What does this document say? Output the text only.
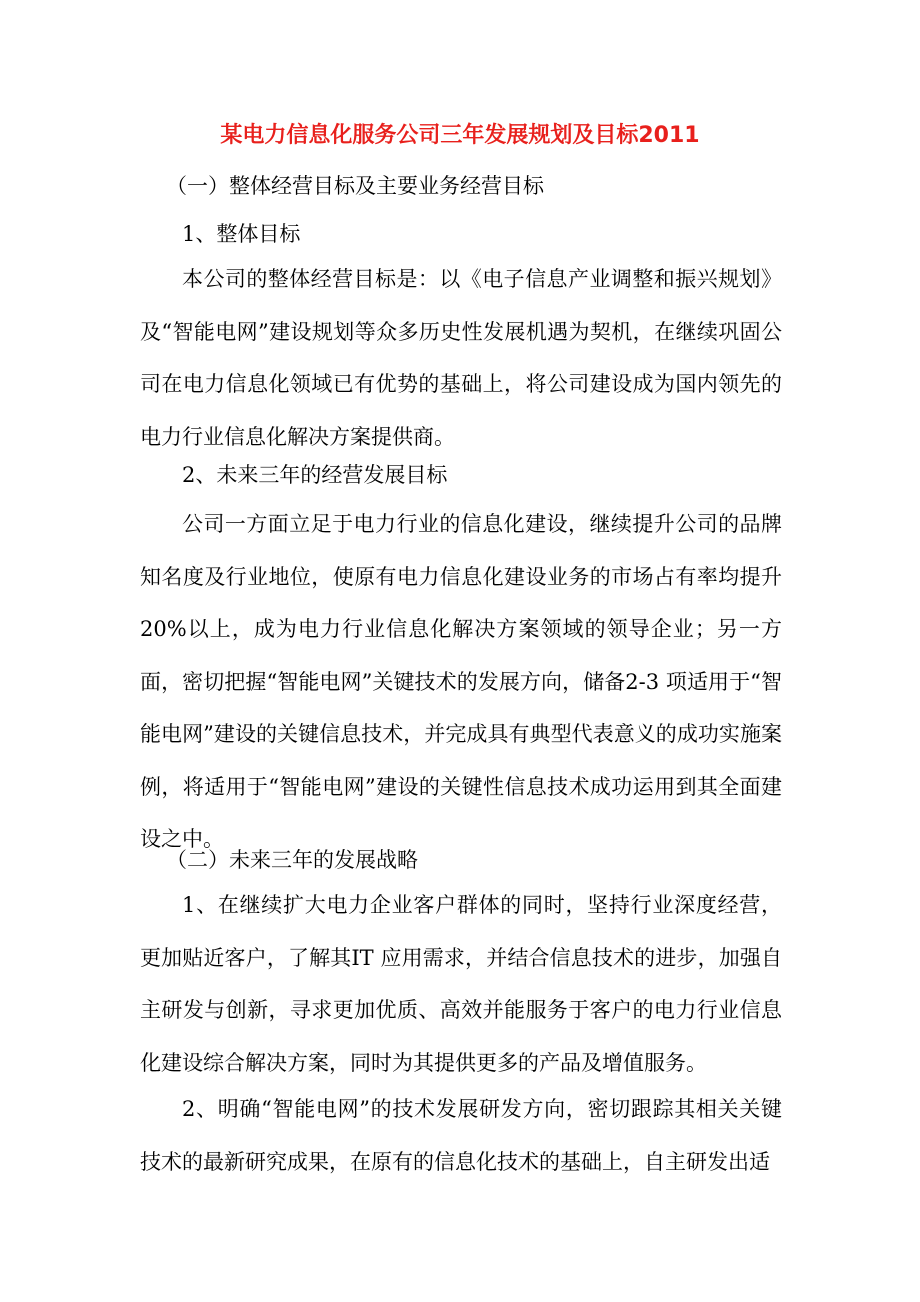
某电力信息化服务公司三年发展规划及目标2011
（一）整体经营目标及主要业务经营目标
1、整体目标

本公司的整体经营目标是：以《电子信息产业调整和振兴规划》及“智能电网”建设规划等众多历史性发展机遇为契机，在继续巩固公司在电力信息化领域已有优势的基础上，将公司建设成为国内领先的电力行业信息化解决方案提供商。

2、未来三年的经营发展目标

公司一方面立足于电力行业的信息化建设，继续提升公司的品牌知名度及行业地位，使原有电力信息化建设业务的市场占有率均提升20%以上，成为电力行业信息化解决方案领域的领导企业；另一方面，密切把握“智能电网”关键技术的发展方向，储备2-3 项适用于“智能电网”建设的关键信息技术，并完成具有典型代表意义的成功实施案例，将适用于“智能电网”建设的关键性信息技术成功运用到其全面建设之中。

（二）未来三年的发展战略

1、在继续扩大电力企业客户群体的同时，坚持行业深度经营，更加贴近客户，了解其IT 应用需求，并结合信息技术的进步，加强自主研发与创新，寻求更加优质、高效并能服务于客户的电力行业信息化建设综合解决方案，同时为其提供更多的产品及增值服务。

2、明确“智能电网”的技术发展研发方向，密切跟踪其相关关键技术的最新研究成果，在原有的信息化技术的基础上，自主研发出适
